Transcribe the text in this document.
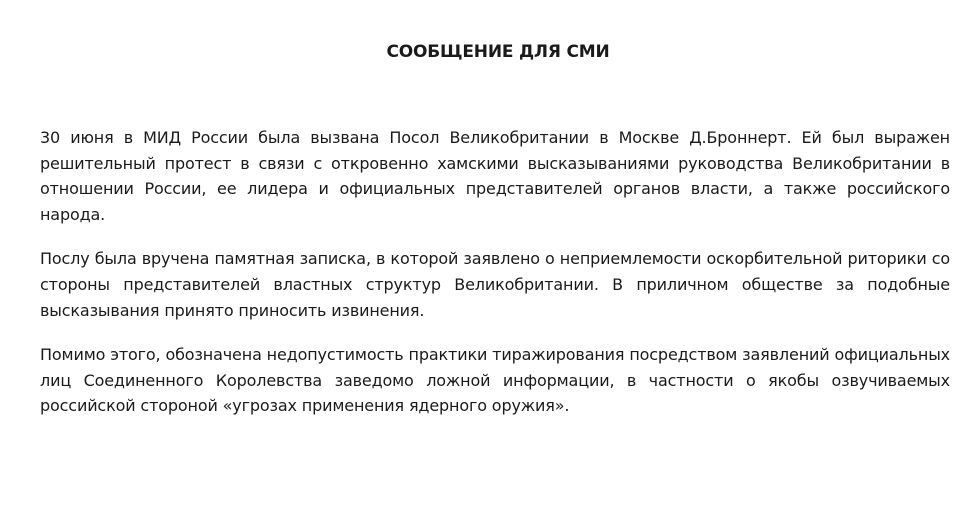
СООБЩЕНИЕ ДЛЯ СМИ

30 июня в МИД России была вызвана Посол Великобритании в Москве Д.Броннерт. Ей был выражен решительный протест в связи с откровенно хамскими высказываниями руководства Великобритании в отношении России, ее лидера и официальных представителей органов власти, а также российского народа.

Послу была вручена памятная записка, в которой заявлено о неприемлемости оскорбительной риторики со стороны представителей властных структур Великобритании. В приличном обществе за подобные высказывания принято приносить извинения.

Помимо этого, обозначена недопустимость практики тиражирования посредством заявлений официальных лиц Соединенного Королевства заведомо ложной информации, в частности о якобы озвучиваемых российской стороной «угрозах применения ядерного оружия».
